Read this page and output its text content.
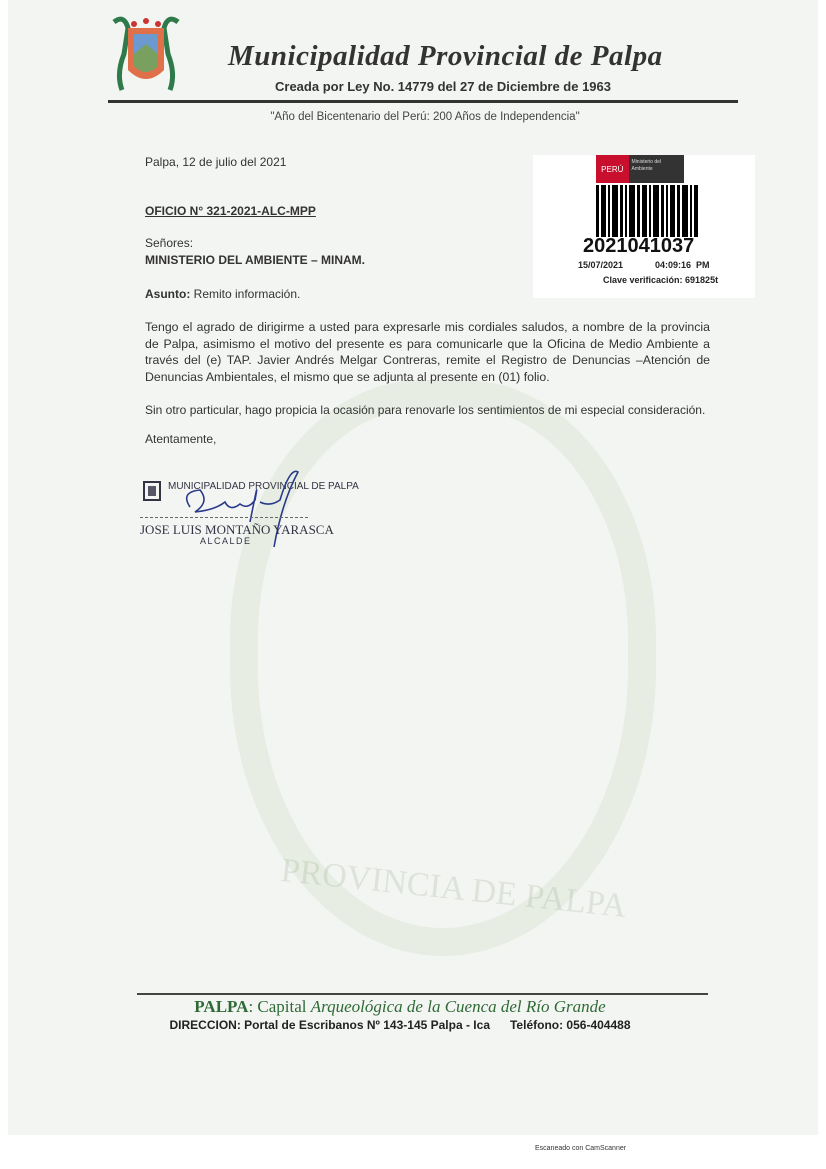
PROVINCIA DE PALPA
Municipalidad Provincial de Palpa
Creada por Ley No. 14779 del 27 de Diciembre de 1963
"Año del Bicentenario del Perú: 200 Años de Independencia"
PERÚ
Ministerio del Ambiente
2021041037
15/07/2021	04:09:16  PM
Clave verificación: 691825t
Palpa, 12 de julio del 2021
OFICIO N° 321-2021-ALC-MPP
Señores:
MINISTERIO DEL AMBIENTE – MINAM.
Asunto: Remito información.
Tengo el agrado de dirigirme a usted para expresarle mis cordiales saludos, a nombre de la provincia de Palpa, asimismo el motivo del presente es para comunicarle que la Oficina de Medio Ambiente a través del (e) TAP. Javier Andrés Melgar Contreras, remite el Registro de Denuncias –Atención de Denuncias Ambientales, el mismo que se adjunta al presente en (01) folio.
Sin otro particular, hago propicia la ocasión para renovarle los sentimientos de mi especial consideración.
Atentamente,
MUNICIPALIDAD PROVINCIAL DE PALPA
JOSE LUIS MONTAÑO YARASCA
ALCALDE
PALPA: Capital Arqueológica de la Cuenca del Río Grande
DIRECCION: Portal de Escribanos Nº 143-145 Palpa - Ica      Teléfono: 056-404488
Escaneado con CamScanner
